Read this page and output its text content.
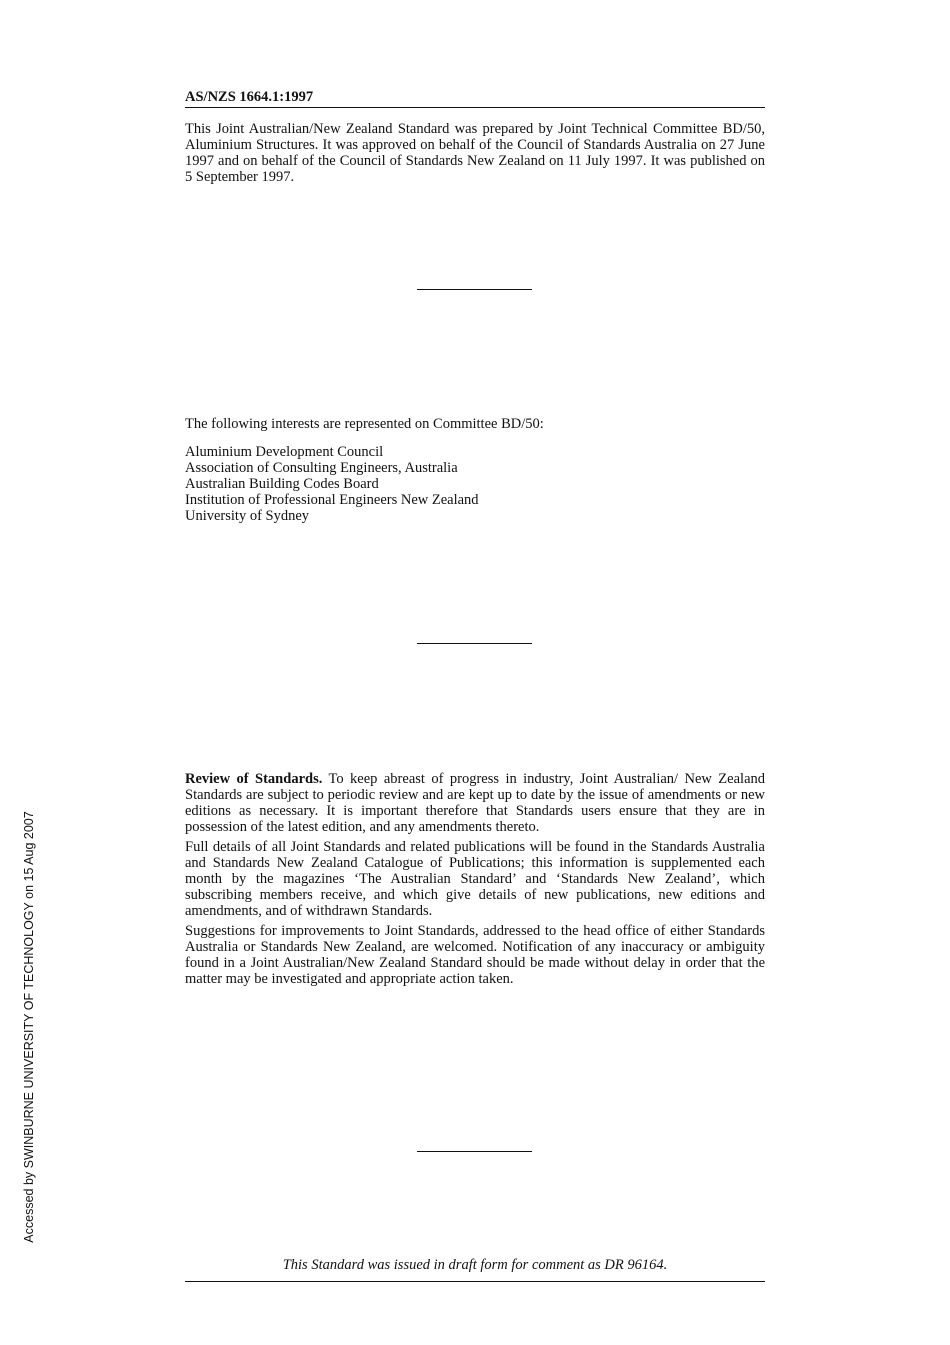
AS/NZS 1664.1:1997

This Joint Australian/New Zealand Standard was prepared by Joint Technical Committee BD/50, Aluminium Structures. It was approved on behalf of the Council of Standards Australia on 27 June 1997 and on behalf of the Council of Standards New Zealand on 11 July 1997. It was published on 5 September 1997.

The following interests are represented on Committee BD/50:

Aluminium Development Council
Association of Consulting Engineers, Australia
Australian Building Codes Board
Institution of Professional Engineers New Zealand
University of Sydney

Review of Standards. To keep abreast of progress in industry, Joint Australian/ New Zealand Standards are subject to periodic review and are kept up to date by the issue of amendments or new editions as necessary. It is important therefore that Standards users ensure that they are in possession of the latest edition, and any amendments thereto.

Full details of all Joint Standards and related publications will be found in the Standards Australia and Standards New Zealand Catalogue of Publications; this information is supplemented each month by the magazines ‘The Australian Standard’ and ‘Standards New Zealand’, which subscribing members receive, and which give details of new publications, new editions and amendments, and of withdrawn Standards.

Suggestions for improvements to Joint Standards, addressed to the head office of either Standards Australia or Standards New Zealand, are welcomed. Notification of any inaccuracy or ambiguity found in a Joint Australian/New Zealand Standard should be made without delay in order that the matter may be investigated and appropriate action taken.

This Standard was issued in draft form for comment as DR 96164.
Accessed by SWINBURNE UNIVERSITY OF TECHNOLOGY on 15 Aug 2007
